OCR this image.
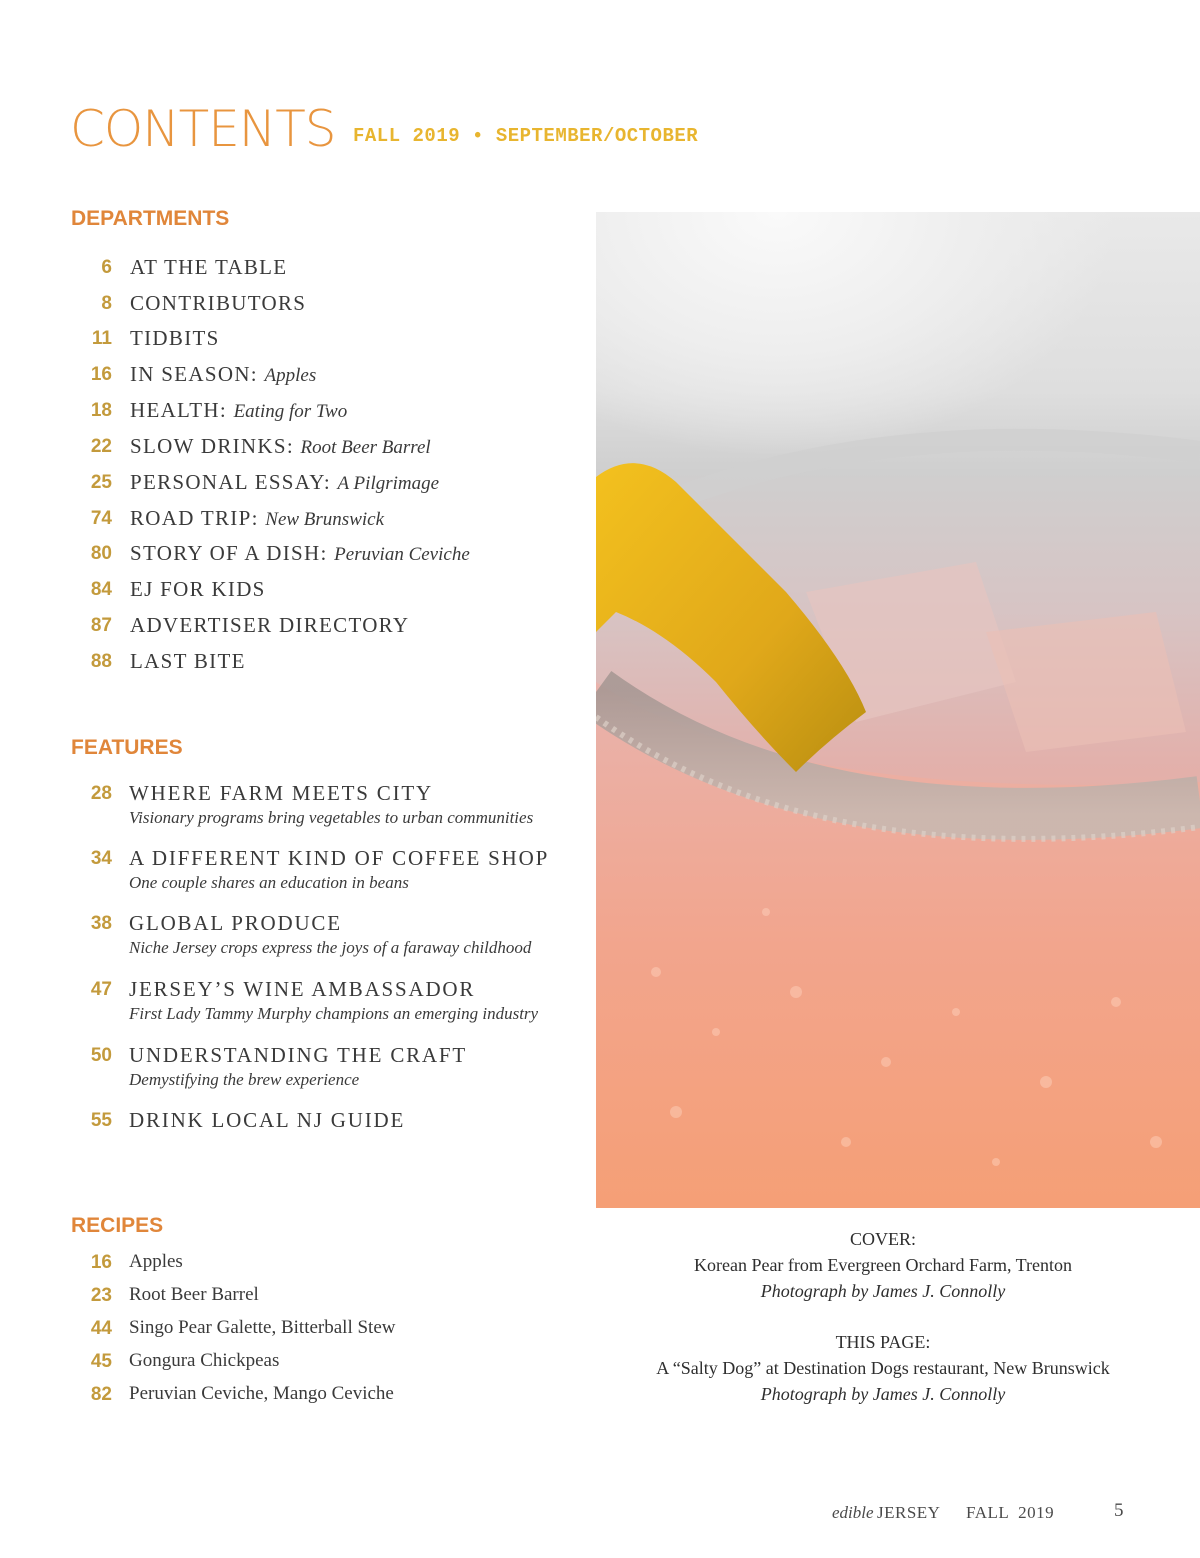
CONTENTS FALL 2019 • SEPTEMBER/OCTOBER
DEPARTMENTS
6 AT THE TABLE
8 CONTRIBUTORS
11 TIDBITS
16 IN SEASON: Apples
18 HEALTH: Eating for Two
22 SLOW DRINKS: Root Beer Barrel
25 PERSONAL ESSAY: A Pilgrimage
74 ROAD TRIP: New Brunswick
80 STORY OF A DISH: Peruvian Ceviche
84 EJ FOR KIDS
87 ADVERTISER DIRECTORY
88 LAST BITE
FEATURES
28 WHERE FARM MEETS CITY
Visionary programs bring vegetables to urban communities
34 A DIFFERENT KIND OF COFFEE SHOP
One couple shares an education in beans
38 GLOBAL PRODUCE
Niche Jersey crops express the joys of a faraway childhood
47 JERSEY’S WINE AMBASSADOR
First Lady Tammy Murphy champions an emerging industry
50 UNDERSTANDING THE CRAFT
Demystifying the brew experience
55 DRINK LOCAL NJ GUIDE
RECIPES
16 Apples
23 Root Beer Barrel
44 Singo Pear Galette, Bitterball Stew
45 Gongura Chickpeas
82 Peruvian Ceviche, Mango Ceviche
COVER:
Korean Pear from Evergreen Orchard Farm, Trenton
Photograph by James J. Connolly
THIS PAGE:
A “Salty Dog” at Destination Dogs restaurant, New Brunswick
Photograph by James J. Connolly
edible JERSEY FALL  2019	5
